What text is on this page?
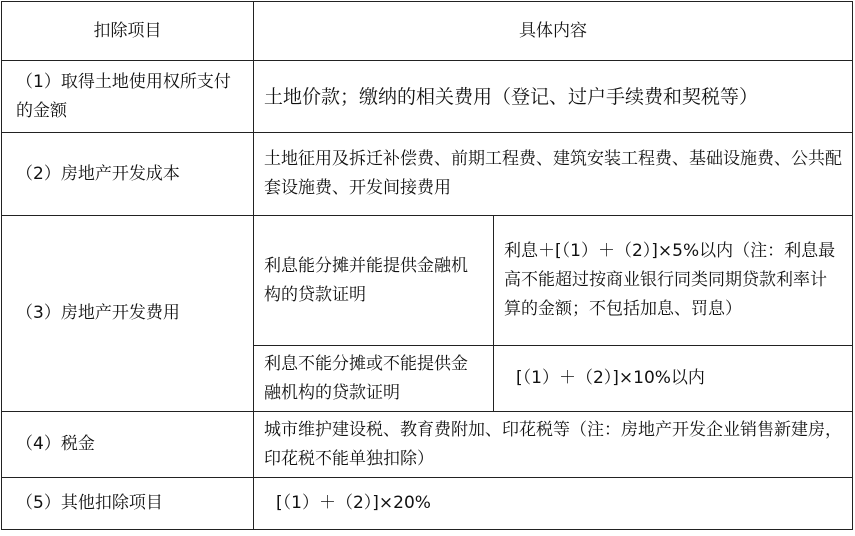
扣除项目	具体内容	
（1）取得土地使用权所支付的金额	土地价款；缴纳的相关费用（登记、过户手续费和契税等）	
（2）房地产开发成本	土地征用及拆迁补偿费、前期工程费、建筑安装工程费、基础设施费、公共配套设施费、开发间接费用	
（3）房地产开发费用	利息能分摊并能提供金融机构的贷款证明	利息＋[（1）＋（2）]×5%以内（注：利息最高不能超过按商业银行同类同期贷款利率计算的金额；不包括加息、罚息）
	利息不能分摊或不能提供金融机构的贷款证明	[（1）＋（2）]×10%以内
（4）税金	城市维护建设税、教育费附加、印花税等（注：房地产开发企业销售新建房，印花税不能单独扣除）	
（5）其他扣除项目	[（1）＋（2）]×20%	
